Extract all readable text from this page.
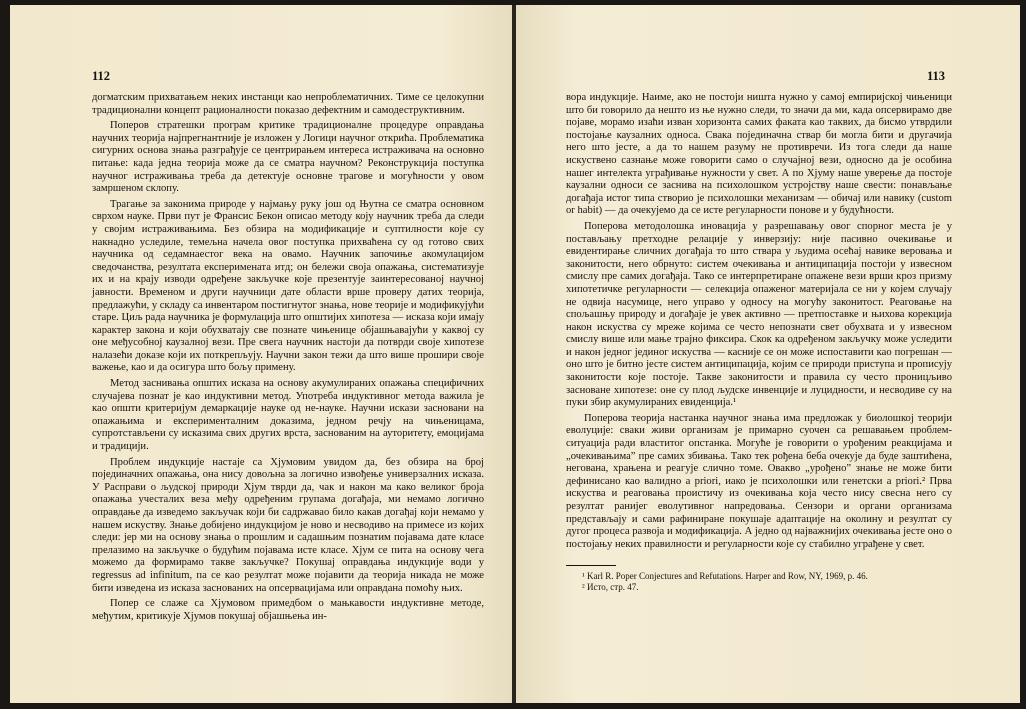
112

догматским прихватањем неких инстанци као непроблематичних. Тиме се целокупни традиционални концепт рационалности показао дефектним и самодеструктивним.

Поперов стратешки програм критике традиционалне процедуре оправдања научних теорија најпрегнантније је изложен у Логици научног открића. Проблематика сигурних основа знања разграђује се центрирањем интереса истраживача на основно питање: када једна теорија може да се сматра научном? Реконструкција поступка научног истраживања треба да детектује основне трагове и могућности у овом замршеном склопу.

Трагање за законима природе у најмању руку још од Њутна се сматра основном сврхом науке. Први пут је Франсис Бекон описао методу коју научник треба да следи у својим истраживањима. Без обзира на модификације и суптилности које су накнадно уследиле, темељна начела овог поступка прихваћена су од готово свих научника од седамнаестог века на овамо. Научник започиње акомулацијом сведочанства, резултата експеримената итд; он бележи своја опажања, систематизује их и на крају изводи одређене закључке које презентује заинтересованој научној јавности. Временом и други научници дате области врше проверу датих теорија, предлажући, у складу са инвентаром постигнутог знања, нове теорије и модификујући старе. Циљ рада научника је формулација што општијих хипотеза — исказа који имају карактер закона и који обухватају све познате чињенице објашњавајући у каквој су оне међусобној каузалној вези. Пре свега научник настоји да потврди своје хипотезе налазећи доказе који их поткрепљују. Научни закон тежи да што више прошири своје важење, као и да осигура што бољу примену.

Метод заснивања општих исказа на основу акумулираних опажања специфичних случајева познат је као индуктивни метод. Употреба индуктивног метода важила је као општи критеријум демаркације науке од не-науке. Научни искази засновани на опажањима и експерименталним доказима, једном речју на чињеницама, супротстављени су исказима свих других врста, заснованим на ауторитету, емоцијама и традицији.

Проблем индукције настаје са Хјумовим увидом да, без обзира на број појединачних опажања, она нису довољна за логично извођење универзалних исказа. У Расправи о људској природи Хјум тврди да, чак и након ма како великог броја опажања учесталих веза међу одређеним групама догађаја, ми немамо логично оправдање да изведемо закључак који би садржавао било какав догађај који немамо у нашем искуству. Знање добијено индукцијом је ново и несводиво на примесе из којих следи: јер ми на основу знања о прошлим и садашњим познатим појавама дате класе прелазимо на закључке о будућим појавама исте класе. Хјум се пита на основу чега можемо да формирамо такве закључке? Покушај оправдања индукције води у regressus ad infinitum, па се као резултат може појавити да теорија никада не може бити изведена из исказа заснованих на опсервацијама или оправдана помоћу њих.

Попер се слаже са Хјумовом примедбом о мањкавости индуктивне методе, међутим, критикује Хјумов покушај објашњења ин-

113

вора индукције. Наиме, ако не постоји ништа нужно у самој емпиријској чињеници што би говорило да нешто из ње нужно следи, то значи да ми, када опсервирамо две појаве, морамо изаћи изван хоризонта самих факата као таквих, да бисмо утврдили постојање каузалних односа. Свака појединачна ствар би могла бити и другачија него што јесте, а да то нашем разуму не противречи. Из тога следи да наше искуствено сазнање може говорити само о случајној вези, односно да је особина нашег интелекта уграђивање нужности у свет. А по Хјуму наше уверење да постоје каузални односи се заснива на психолошком устројству наше свести: понављање догађаја истог типа створио је психолошки механизам — обичај или навику (custom or habit) — да очекујемо да се исте регуларности понове и у будућности.

Поперова методолошка иновација у разрешавању овог спорног места је у постављању претходне релације у инверзију: није пасивно очекивање и евидентирање сличних догађаја то што ствара у људима осећај навике веровања и законитости, него обрнуто: систем очекивања и антиципација постоји у извесном смислу пре самих догађаја. Тако се интерпретиране опажене вези врши кроз призму хипотетичке регуларности — селекција опаженог материјала се ни у којем случају не одвија насумице, него управо у односу на могућу законитост. Реаговање на спољашњу природу и догађаје је увек активно — претпоставке и њихова корекција након искуства су мреже којима се често непознати свет обухвата и у извесном смислу више или мање трајно фиксира. Скок ка одређеном закључку може уследити и након једног јединог искуства — касније се он може испоставити као погрешан — оно што је битно јесте систем антиципација, којим се природи приступа и прописују законитости које постоје. Такве законитости и правила су често проницљиво засноване хипотезе: оне су плод људске инвенције и луцидности, и несводиве су на пуки збир акумулираних евиденција.¹

Поперова теорија настанка научног знања има предложак у биолошкој теорији еволуције: сваки живи организам је примарно суочен са решавањем проблем-ситуација ради властитог опстанка. Могуће је говорити о урођеним реакцијама и „очекивањима” пре самих збивања. Тако тек рођена беба очекује да буде заштићена, негована, храњена и реагује слично томе. Овакво „урођено” знање не може бити дефинисано као валидно a priori, иако је психолошки или генетски a priori.² Прва искуства и реаговања проистичу из очекивања која често нису свесна него су резултат ранијег еволутивног напредовања. Сензори и органи организама представљају и сами рафиниране покушаје адаптације на околину и резултат су дугог процеса развоја и модификација. А једно од најважнијих очекивања јесте оно о постојању неких правилности и регуларности које су стабилно уграђене у свет.

¹ Karl R. Poper Conjectures and Refutations. Harper and Row, NY, 1969, p. 46.

² Исто, стр. 47.
